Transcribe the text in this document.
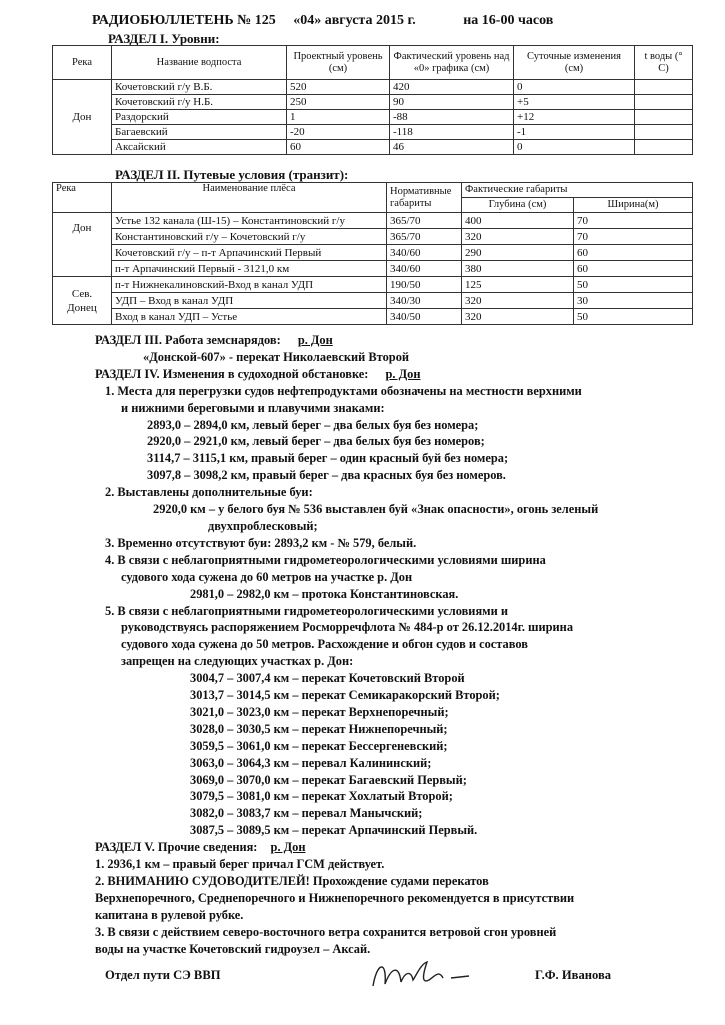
РАДИОБЮЛЛЕТЕНЬ № 125 «04» августа 2015 г.	на 16-00 часов
РАЗДЕЛ I. Уровни:
Река	Название водпоста	Проектный уровень (см)	Фактический уровень над «0» графика (см)	Суточные изменения (см)	t воды (° C)
Дон	Кочетовский г/у В.Б.	520	420	0	
	Кочетовский г/у Н.Б.	250	90	+5	
	Раздорский	1	-88	+12	
	Багаевский	-20	-118	-1	
	Аксайский	60	46	0	
РАЗДЕЛ II. Путевые условия (транзит):
Река	Наименование плёса	Нормативные габариты	Фактические габариты	
			Глубина (см)	Ширина(м)
Дон	Устье 132 канала (Ш-15) – Константиновский г/у	365/70	400	70
	Константиновский г/у – Кочетовский г/у	365/70	320	70
	Кочетовский г/у – п-т Арпачинский Первый	340/60	290	60
	п-т Арпачинский Первый - 3121,0 км	340/60	380	60
Сев. Донец	п-т Нижнекалиновский-Вход в канал УДП	190/50	125	50
	УДП – Вход в канал УДП	340/30	320	30
	Вход в канал УДП – Устье	340/50	320	50
РАЗДЕЛ III. Работа земснарядов: р. Дон
«Донской-607» - перекат Николаевский Второй
РАЗДЕЛ IV. Изменения в судоходной обстановке: р. Дон
1. Места для перегрузки судов нефтепродуктами обозначены на местности верхними
и нижними береговыми и плавучими знаками:
2893,0 – 2894,0 км, левый берег – два белых буя без номера;
2920,0 – 2921,0 км, левый берег – два белых буя без номеров;
3114,7 – 3115,1 км, правый берег – один красный буй без номера;
3097,8 – 3098,2 км, правый берег – два красных буя без номеров.
2. Выставлены дополнительные буи:
2920,0 км – у белого буя № 536 выставлен буй «Знак опасности», огонь зеленый
двухпроблесковый;
3. Временно отсутствуют буи: 2893,2 км - № 579, белый.
4. В связи с неблагоприятными гидрометеорологическими условиями ширина
судового хода сужена до 60 метров на участке р. Дон
2981,0 – 2982,0 км – протока Константиновская.
5. В связи с неблагоприятными гидрометеорологическими условиями и
руководствуясь распоряжением Росморречфлота № 484-р от 26.12.2014г. ширина
судового хода сужена до 50 метров. Расхождение и обгон судов и составов
запрещен на следующих участках р. Дон:
3004,7 – 3007,4 км – перекат Кочетовский Второй
3013,7 – 3014,5 км – перекат Семикаракорский Второй;
3021,0 – 3023,0 км – перекат Верхнепоречный;
3028,0 – 3030,5 км – перекат Нижнепоречный;
3059,5 – 3061,0 км – перекат Бессергеневский;
3063,0 – 3064,3 км – перевал Калининский;
3069,0 – 3070,0 км – перекат Багаевский Первый;
3079,5 – 3081,0 км – перекат Хохлатый Второй;
3082,0 – 3083,7 км – перевал Манычский;
3087,5 – 3089,5 км – перекат Арпачинский Первый.
РАЗДЕЛ V. Прочие сведения: р. Дон
1. 2936,1 км – правый берег причал ГСМ действует.
2. ВНИМАНИЮ СУДОВОДИТЕЛЕЙ! Прохождение судами перекатов
Верхнепоречного, Среднепоречного и Нижнепоречного рекомендуется в присутствии
капитана в рулевой рубке.
3. В связи с действием северо-восточного ветра сохранится ветровой сгон уровней
воды на участке Кочетовский гидроузел – Аксай.
Отдел пути СЭ ВВП	Г.Ф. Иванова
